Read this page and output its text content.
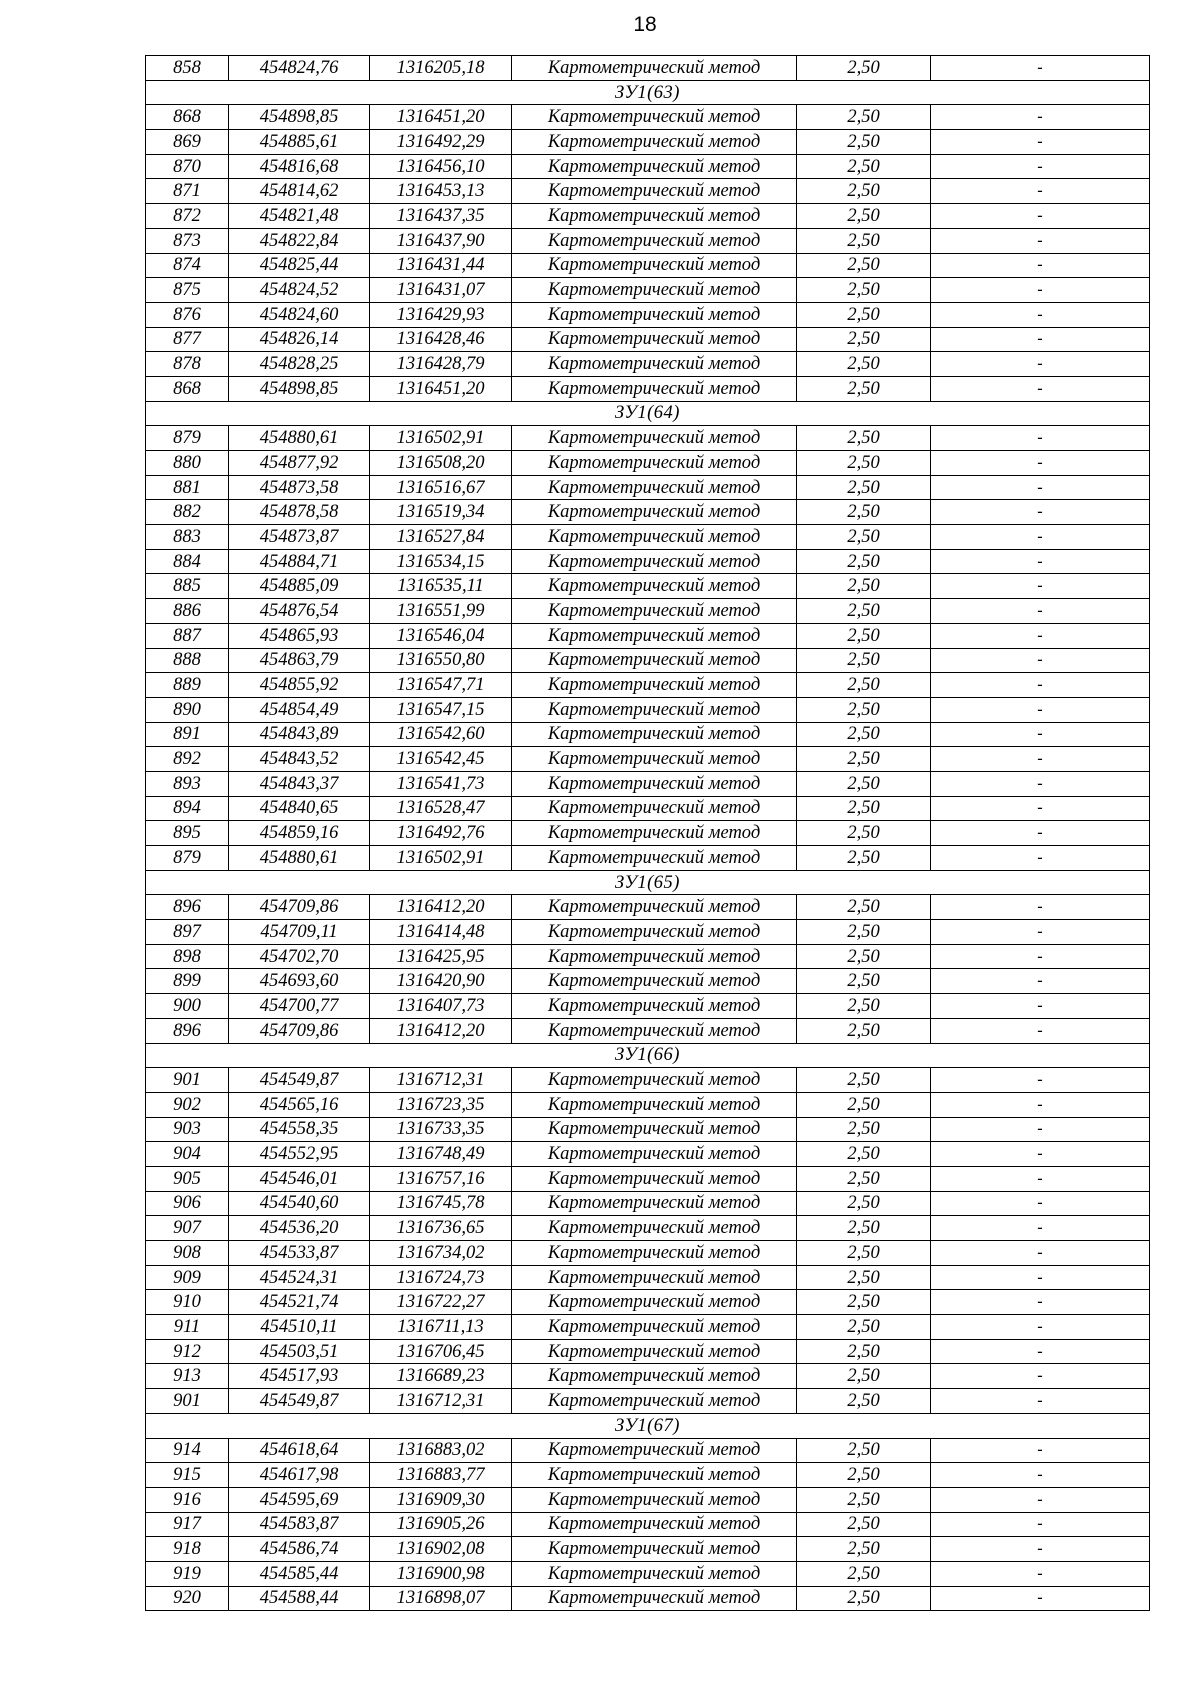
18
858	454824,76	1316205,18	Картометрический метод	2,50	-
ЗУ1(63)					
868	454898,85	1316451,20	Картометрический метод	2,50	-
869	454885,61	1316492,29	Картометрический метод	2,50	-
870	454816,68	1316456,10	Картометрический метод	2,50	-
871	454814,62	1316453,13	Картометрический метод	2,50	-
872	454821,48	1316437,35	Картометрический метод	2,50	-
873	454822,84	1316437,90	Картометрический метод	2,50	-
874	454825,44	1316431,44	Картометрический метод	2,50	-
875	454824,52	1316431,07	Картометрический метод	2,50	-
876	454824,60	1316429,93	Картометрический метод	2,50	-
877	454826,14	1316428,46	Картометрический метод	2,50	-
878	454828,25	1316428,79	Картометрический метод	2,50	-
868	454898,85	1316451,20	Картометрический метод	2,50	-
ЗУ1(64)					
879	454880,61	1316502,91	Картометрический метод	2,50	-
880	454877,92	1316508,20	Картометрический метод	2,50	-
881	454873,58	1316516,67	Картометрический метод	2,50	-
882	454878,58	1316519,34	Картометрический метод	2,50	-
883	454873,87	1316527,84	Картометрический метод	2,50	-
884	454884,71	1316534,15	Картометрический метод	2,50	-
885	454885,09	1316535,11	Картометрический метод	2,50	-
886	454876,54	1316551,99	Картометрический метод	2,50	-
887	454865,93	1316546,04	Картометрический метод	2,50	-
888	454863,79	1316550,80	Картометрический метод	2,50	-
889	454855,92	1316547,71	Картометрический метод	2,50	-
890	454854,49	1316547,15	Картометрический метод	2,50	-
891	454843,89	1316542,60	Картометрический метод	2,50	-
892	454843,52	1316542,45	Картометрический метод	2,50	-
893	454843,37	1316541,73	Картометрический метод	2,50	-
894	454840,65	1316528,47	Картометрический метод	2,50	-
895	454859,16	1316492,76	Картометрический метод	2,50	-
879	454880,61	1316502,91	Картометрический метод	2,50	-
ЗУ1(65)					
896	454709,86	1316412,20	Картометрический метод	2,50	-
897	454709,11	1316414,48	Картометрический метод	2,50	-
898	454702,70	1316425,95	Картометрический метод	2,50	-
899	454693,60	1316420,90	Картометрический метод	2,50	-
900	454700,77	1316407,73	Картометрический метод	2,50	-
896	454709,86	1316412,20	Картометрический метод	2,50	-
ЗУ1(66)					
901	454549,87	1316712,31	Картометрический метод	2,50	-
902	454565,16	1316723,35	Картометрический метод	2,50	-
903	454558,35	1316733,35	Картометрический метод	2,50	-
904	454552,95	1316748,49	Картометрический метод	2,50	-
905	454546,01	1316757,16	Картометрический метод	2,50	-
906	454540,60	1316745,78	Картометрический метод	2,50	-
907	454536,20	1316736,65	Картометрический метод	2,50	-
908	454533,87	1316734,02	Картометрический метод	2,50	-
909	454524,31	1316724,73	Картометрический метод	2,50	-
910	454521,74	1316722,27	Картометрический метод	2,50	-
911	454510,11	1316711,13	Картометрический метод	2,50	-
912	454503,51	1316706,45	Картометрический метод	2,50	-
913	454517,93	1316689,23	Картометрический метод	2,50	-
901	454549,87	1316712,31	Картометрический метод	2,50	-
ЗУ1(67)					
914	454618,64	1316883,02	Картометрический метод	2,50	-
915	454617,98	1316883,77	Картометрический метод	2,50	-
916	454595,69	1316909,30	Картометрический метод	2,50	-
917	454583,87	1316905,26	Картометрический метод	2,50	-
918	454586,74	1316902,08	Картометрический метод	2,50	-
919	454585,44	1316900,98	Картометрический метод	2,50	-
920	454588,44	1316898,07	Картометрический метод	2,50	-
